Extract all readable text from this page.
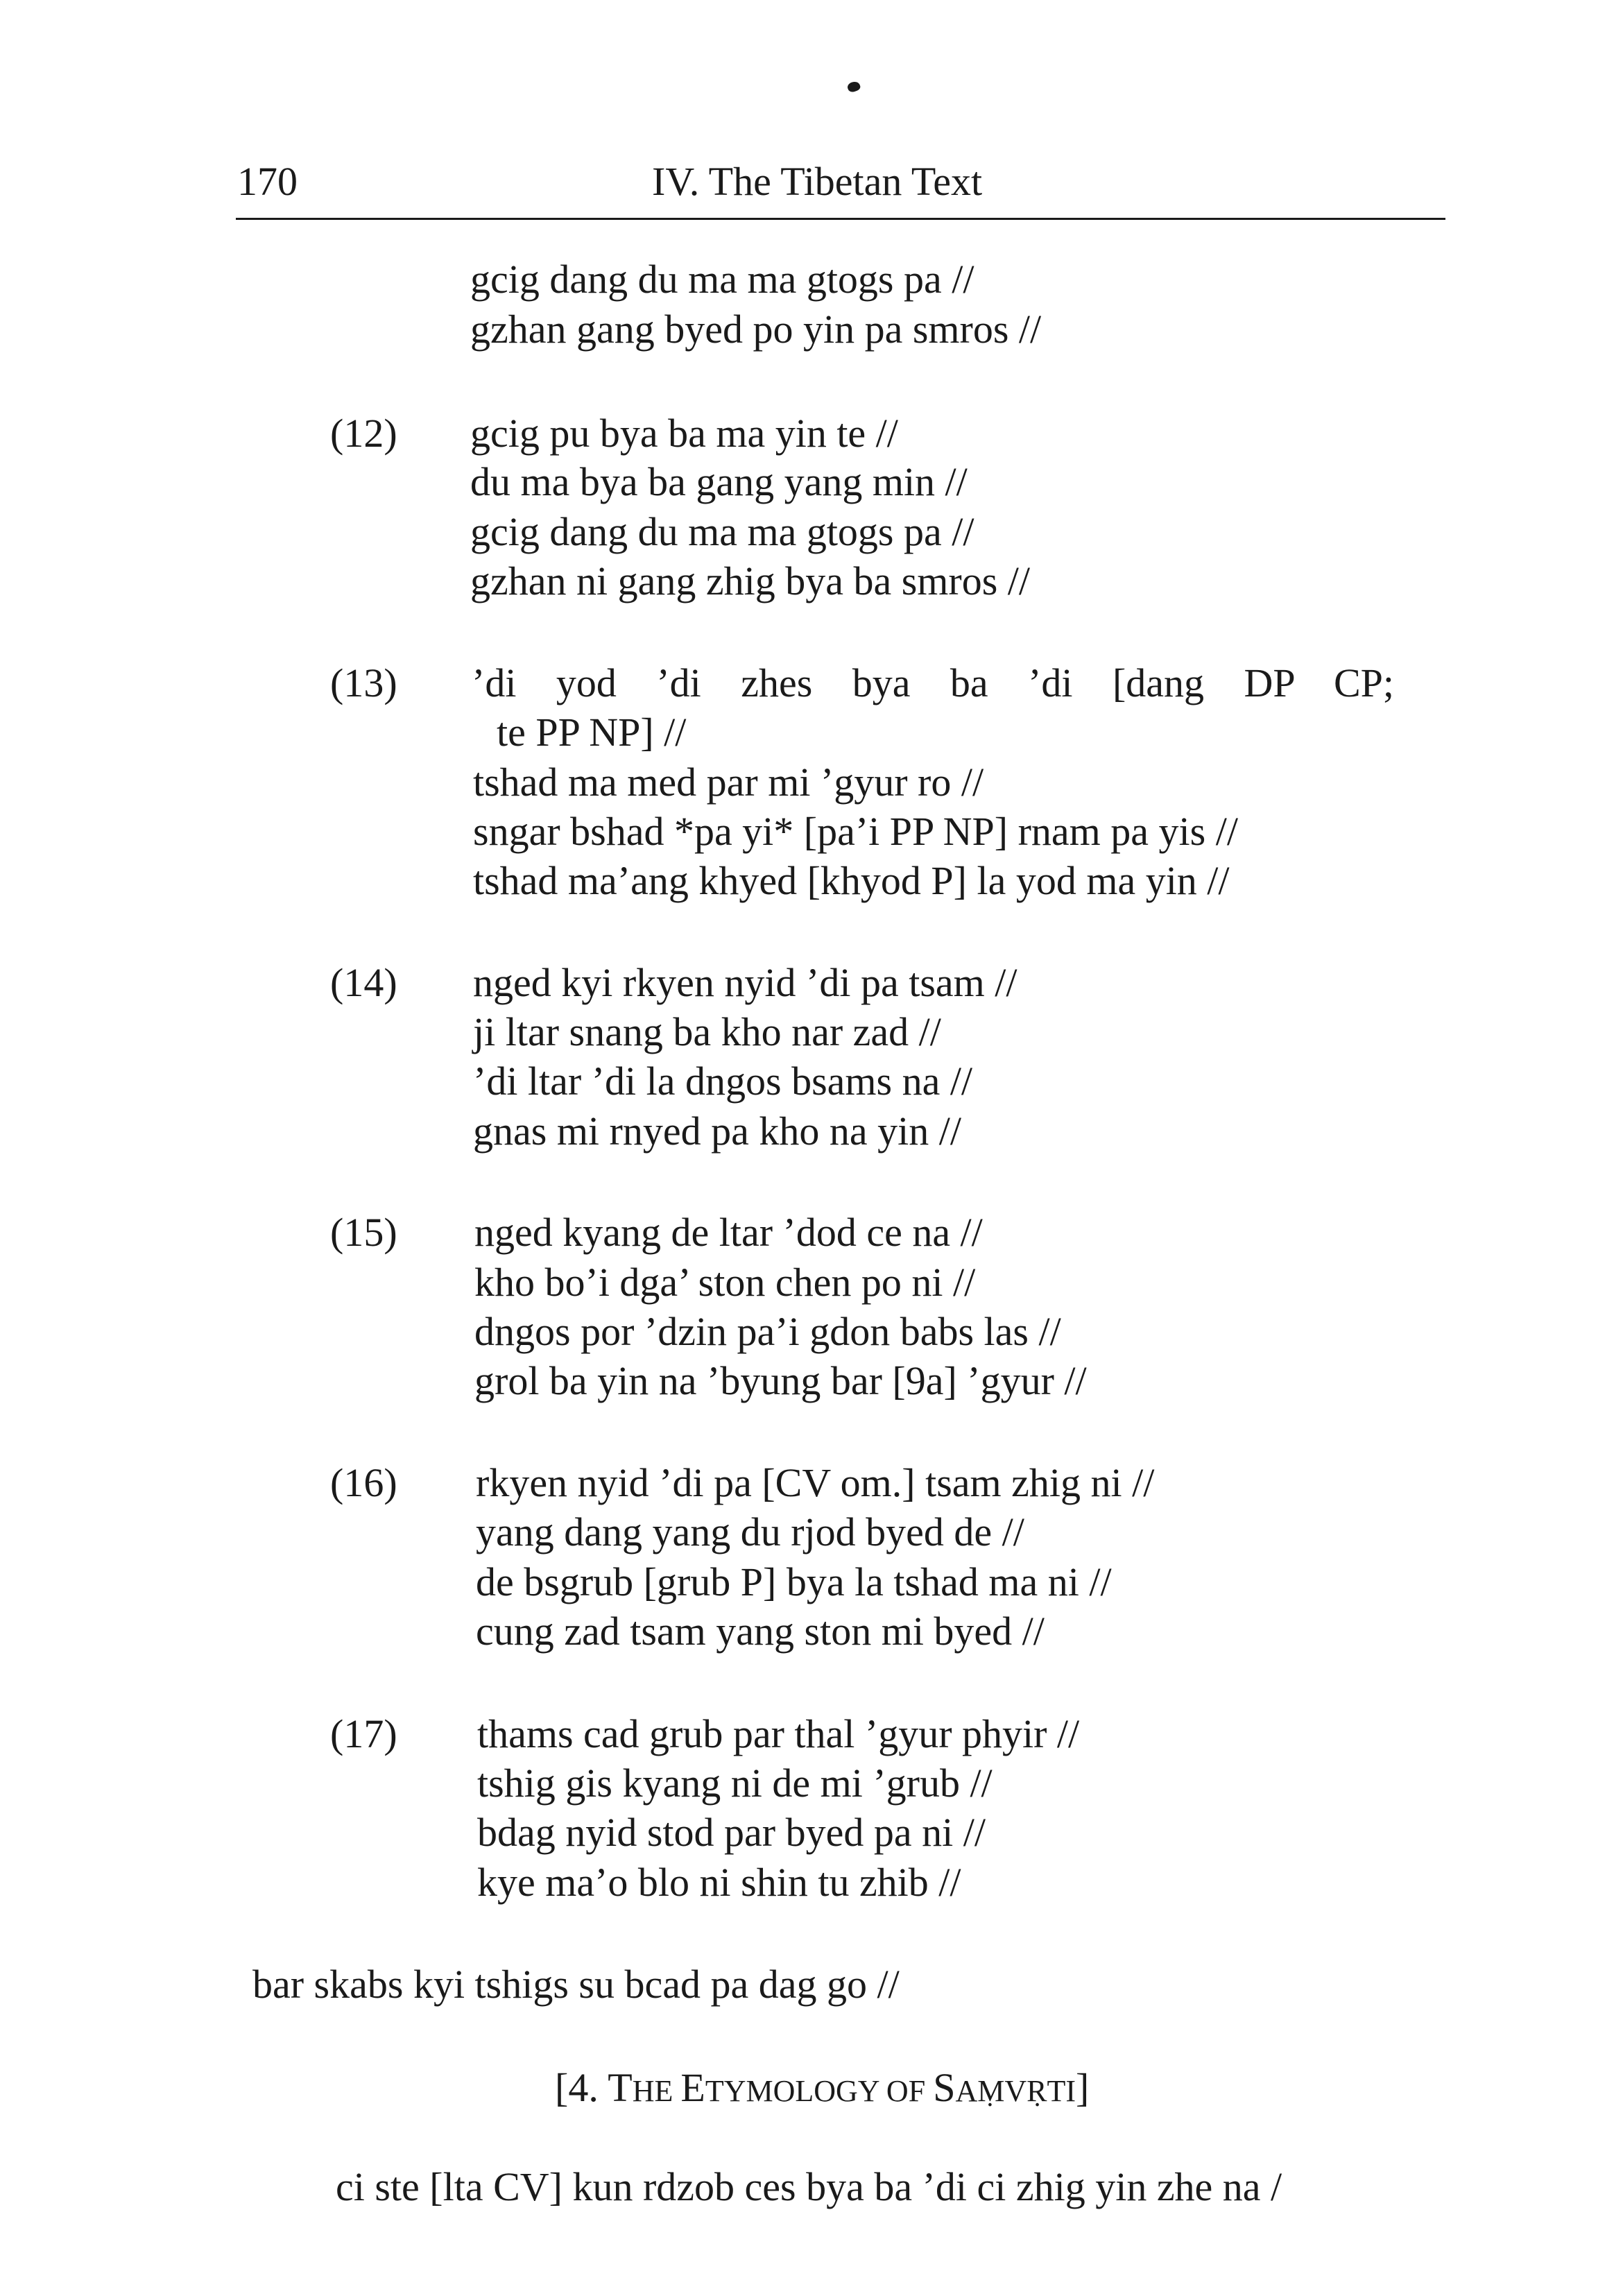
170	IV. The Tibetan Text
gcig dang du ma ma gtogs pa //
gzhan gang byed po yin pa smros //
(12) gcig pu bya ba ma yin te //
du ma bya ba gang yang min //
gcig dang du ma ma gtogs pa //
gzhan ni gang zhig bya ba smros //
(13) ’di yod ’di zhes bya ba ’di [dang DP CP;
te PP NP] //
tshad ma med par mi ’gyur ro //
sngar bshad *pa yi* [pa’i PP NP] rnam pa yis //
tshad ma’ang khyed [khyod P] la yod ma yin //
(14) nged kyi rkyen nyid ’di pa tsam //
ji ltar snang ba kho nar zad //
’di ltar ’di la dngos bsams na //
gnas mi rnyed pa kho na yin //
(15) nged kyang de ltar ’dod ce na //
kho bo’i dga’ ston chen po ni //
dngos por ’dzin pa’i gdon babs las //
grol ba yin na ’byung bar [9a] ’gyur //
(16) rkyen nyid ’di pa [CV om.] tsam zhig ni //
yang dang yang du rjod byed de //
de bsgrub [grub P] bya la tshad ma ni //
cung zad tsam yang ston mi byed //
(17) thams cad grub par thal ’gyur phyir //
tshig gis kyang ni de mi ’grub //
bdag nyid stod par byed pa ni //
kye ma’o blo ni shin tu zhib //
bar skabs kyi tshigs su bcad pa dag go //
[4. THE ETYMOLOGY OF SAṂVṚTI]
ci ste [lta CV] kun rdzob ces bya ba ’di ci zhig yin zhe na /
